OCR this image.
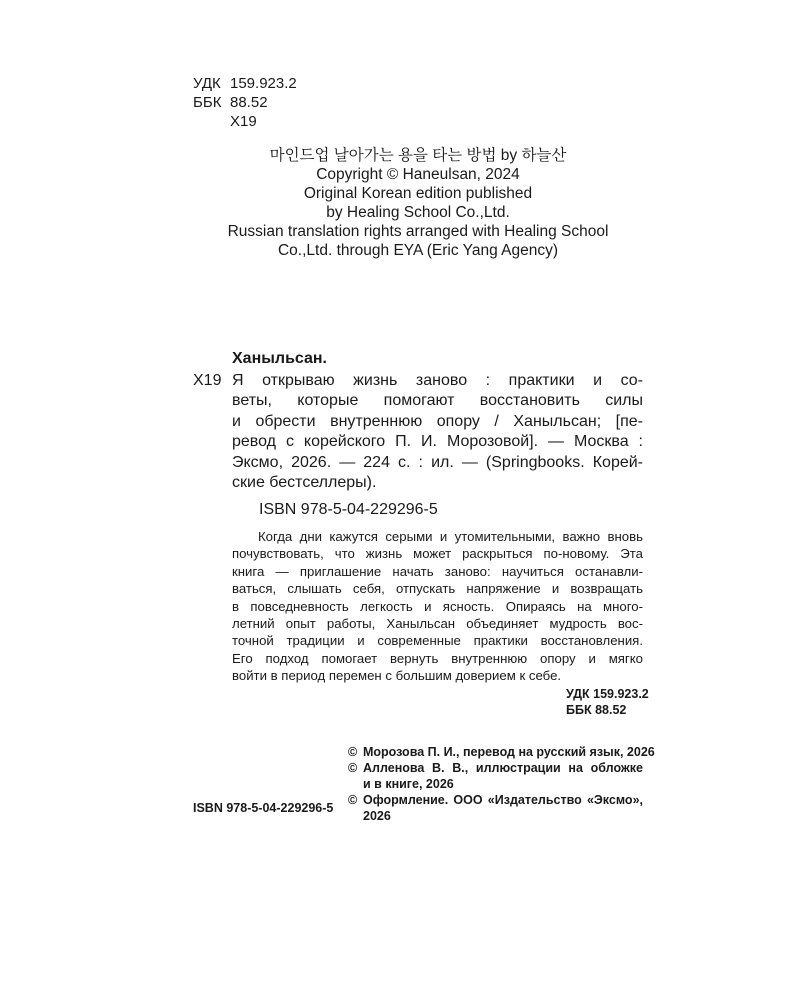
УДК 159.923.2
ББК 88.52
Х19
마인드업 날아가는 용을 타는 방법 by 하늘산
Copyright © Haneulsan, 2024
Original Korean edition published
by Healing School Co.,Ltd.
Russian translation rights arranged with Healing School
Co.,Ltd. through EYA (Eric Yang Agency)
Ханыльсан.
Х19 Я открываю жизнь заново : практики и со-
веты, которые помогают восстановить силы
и обрести внутреннюю опору / Ханыльсан; [пе-
ревод с корейского П. И. Морозовой]. — Москва :
Эксмо, 2026. — 224 с. : ил. — (Springbooks. Корей-
ские бестселлеры).
ISBN 978-5-04-229296-5
Когда дни кажутся серыми и утомительными, важно вновь
почувствовать, что жизнь может раскрыться по-новому. Эта
книга — приглашение начать заново: научиться останавли-
ваться, слышать себя, отпускать напряжение и возвращать
в повседневность легкость и ясность. Опираясь на много-
летний опыт работы, Ханыльсан объединяет мудрость вос-
точной традиции и современные практики восстановления.
Его подход помогает вернуть внутреннюю опору и мягко
войти в период перемен с большим доверием к себе.
УДК 159.923.2
ББК 88.52
© Морозова П. И., перевод на русский язык, 2026
© Алленова В. В., иллюстрации на обложке
и в книге, 2026
© Оформление. ООО «Издательство «Эксмо»,
2026
ISBN 978-5-04-229296-5
